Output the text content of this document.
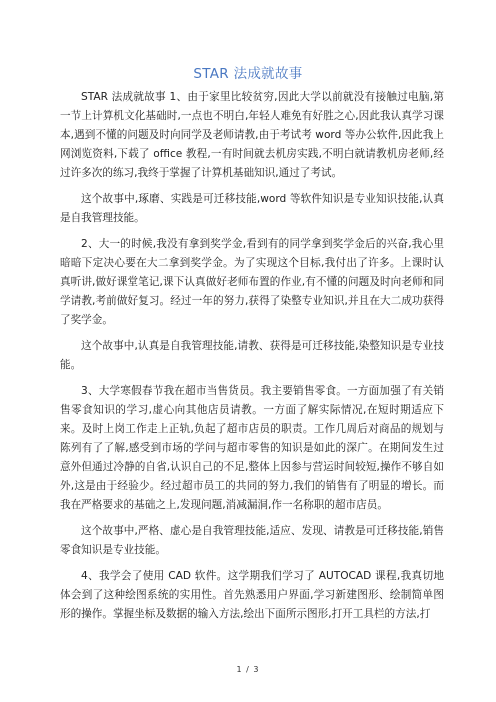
STAR 法成就故事

STAR 法成就故事 1、由于家里比较贫穷,因此大学以前就没有接触过电脑,第一节上计算机文化基础时,一点也不明白,年轻人难免有好胜之心,因此我认真学习课本,遇到不懂的问题及时向同学及老师请教,由于考试考 word 等办公软件,因此我上网浏览资料,下载了 office 教程,一有时间就去机房实践,不明白就请教机房老师,经过许多次的练习,我终于掌握了计算机基础知识,通过了考试。

这个故事中,琢磨、实践是可迁移技能,word 等软件知识是专业知识技能,认真是自我管理技能。

2、大一的时候,我没有拿到奖学金,看到有的同学拿到奖学金后的兴奋,我心里暗暗下定决心要在大二拿到奖学金。为了实现这个目标,我付出了许多。上课时认真听讲,做好课堂笔记,课下认真做好老师布置的作业,有不懂的问题及时向老师和同学请教,考前做好复习。经过一年的努力,获得了染整专业知识,并且在大二成功获得了奖学金。

这个故事中,认真是自我管理技能,请教、获得是可迁移技能,染整知识是专业技能。

3、大学寒假春节我在超市当售货员。我主要销售零食。一方面加强了有关销售零食知识的学习,虚心向其他店员请教。一方面了解实际情况,在短时期适应下来。及时上岗工作走上正轨,负起了超市店员的职责。工作几周后对商品的规划与陈列有了了解,感受到市场的学问与超市零售的知识是如此的深广。在期间发生过意外但通过冷静的自省,认识自己的不足,整体上因参与营运时间较短,操作不够自如外,这是由于经验少。经过超市员工的共同的努力,我们的销售有了明显的增长。而我在严格要求的基础之上,发现问题,消减漏洞,作一名称职的超市店员。

这个故事中,严格、虚心是自我管理技能,适应、发现、请教是可迁移技能,销售零食知识是专业技能。

4、我学会了使用 CAD 软件。这学期我们学习了 AUTOCAD 课程,我真切地体会到了这种绘图系统的实用性。首先熟悉用户界面,学习新建图形、绘制简单图形的操作。掌握坐标及数据的输入方法,绘出下面所示图形,打开工具栏的方法,打

1 / 3
